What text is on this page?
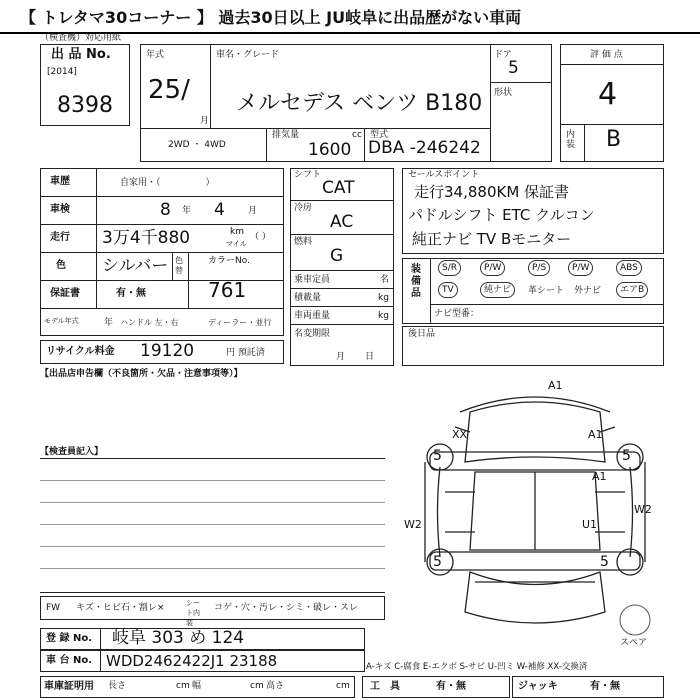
【 トレタマ30コーナー 】 過去30日以上 JU岐阜に出品歴がない車両
（検査機）対応用紙
出 品 No.
[2014]
8398
年式
25/
月
車名・グレード
メルセデス ベンツ B180
ドア
5
形状
2WD ・ 4WD
排気量	cc
1600
型式
DBA -246242
評 価 点
4
内装 B
車歴	自家用・（　　　　　）
車検	8 年 4	月
走行 3万4千880	km
マイル
（ ）
色 シルバー 色替
カラーNo.
761
保証書	有・無
モデル年式	年 ハンドル 左・右	ディーラー・並行
リサイクル料金 19120	円 預託済
シフト
CAT
冷房
AC
燃料
G
乗車定員	名
積載量	kg
車両重量	kg
名変期限
月日
セールスポイント
走行34,880KM 保証書
パドルシフト ETC クルコン
純正ナビ TV Bモニター
装備品
S/R	P/W	P/S	P/W	ABS
TV	純ナビ	革シート 外ナビ	エアB
ナビ型番：
後日品
【出品店申告欄（不良箇所・欠品・注意事項等）】
【検査員記入】
A1
XX	A1
A1
W2	U1
W2
5	5
5	5
スペア
FW キズ・ヒビ石・割レ×	シート内装
コゲ・穴・汚レ・シミ・破レ・スレ
登 録 No. 岐阜 303 め 124
車 台 No. WDD2462422J1 23188	A-キズ C-腐食 E-エクボ S-サビ U-凹ミ W-補修 XX-交換済
車庫証明用 長さ	cm 幅	cm 高さ	cm 工　具	有・無	ジャッキ	有・無
